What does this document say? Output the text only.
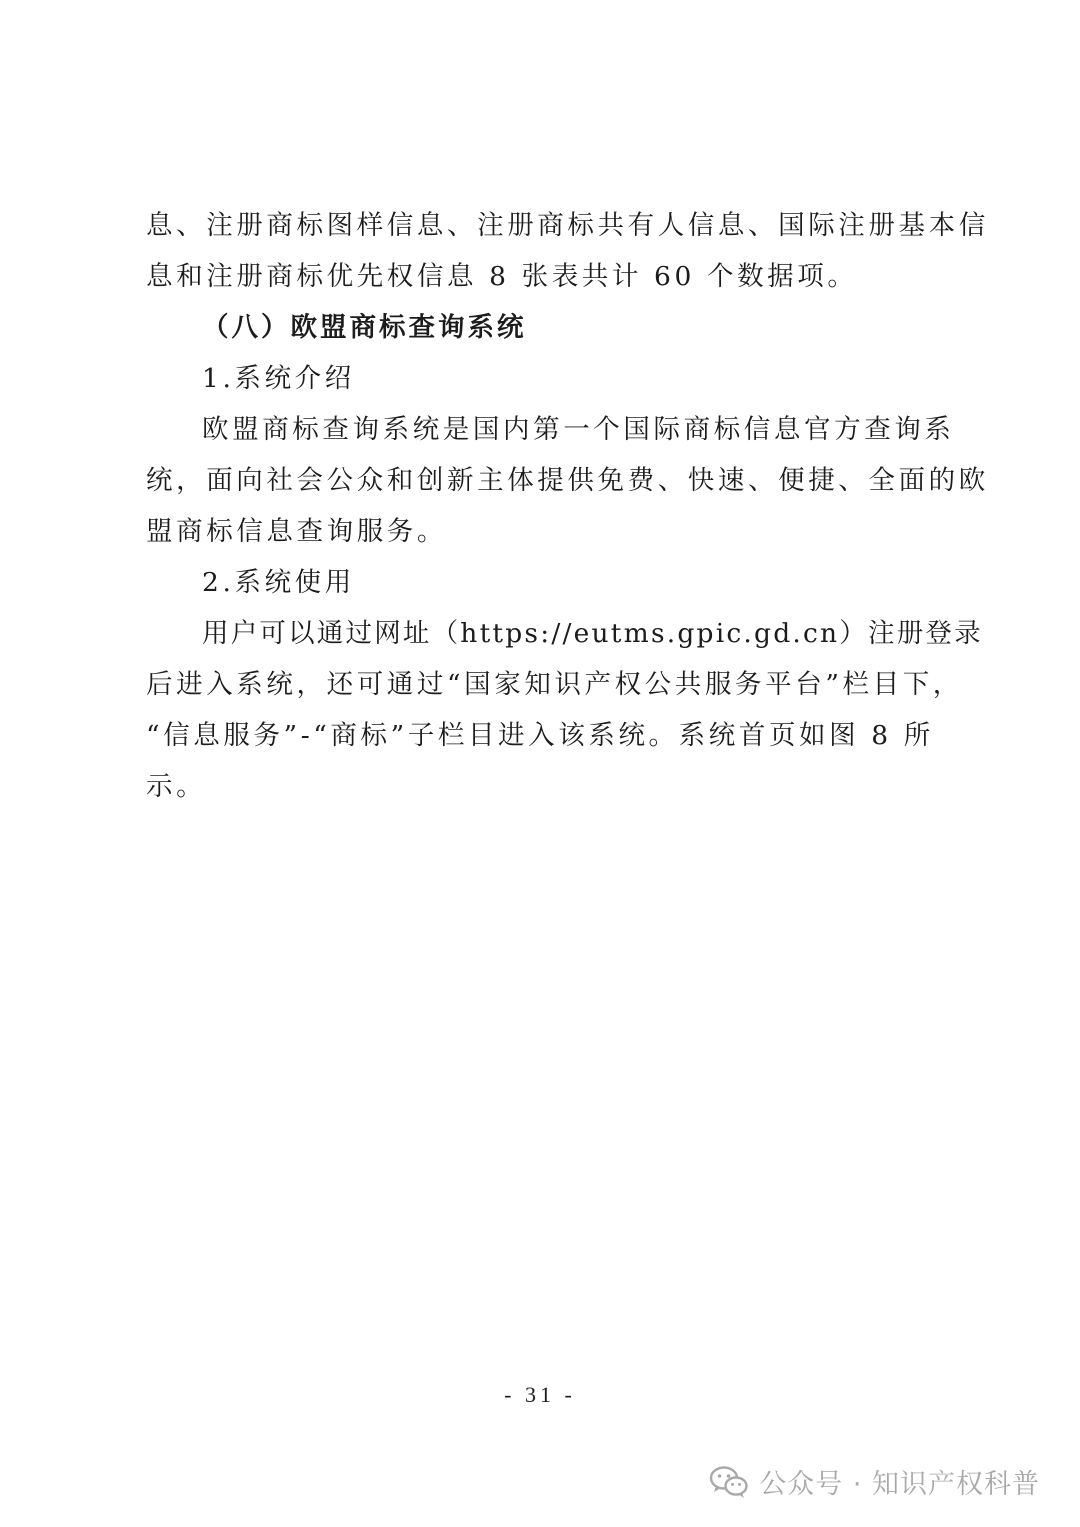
息、注册商标图样信息、注册商标共有人信息、国际注册基本信
息和注册商标优先权信息 8 张表共计 60 个数据项。
（八）欧盟商标查询系统
1.系统介绍
欧盟商标查询系统是国内第一个国际商标信息官方查询系
统，面向社会公众和创新主体提供免费、快速、便捷、全面的欧
盟商标信息查询服务。
2.系统使用
用户可以通过网址（https://eutms.gpic.gd.cn）注册登录
后进入系统，还可通过“国家知识产权公共服务平台”栏目下，
“信息服务”-“商标”子栏目进入该系统。系统首页如图 8 所
示。
- 31 -
公众号 · 知识产权科普
